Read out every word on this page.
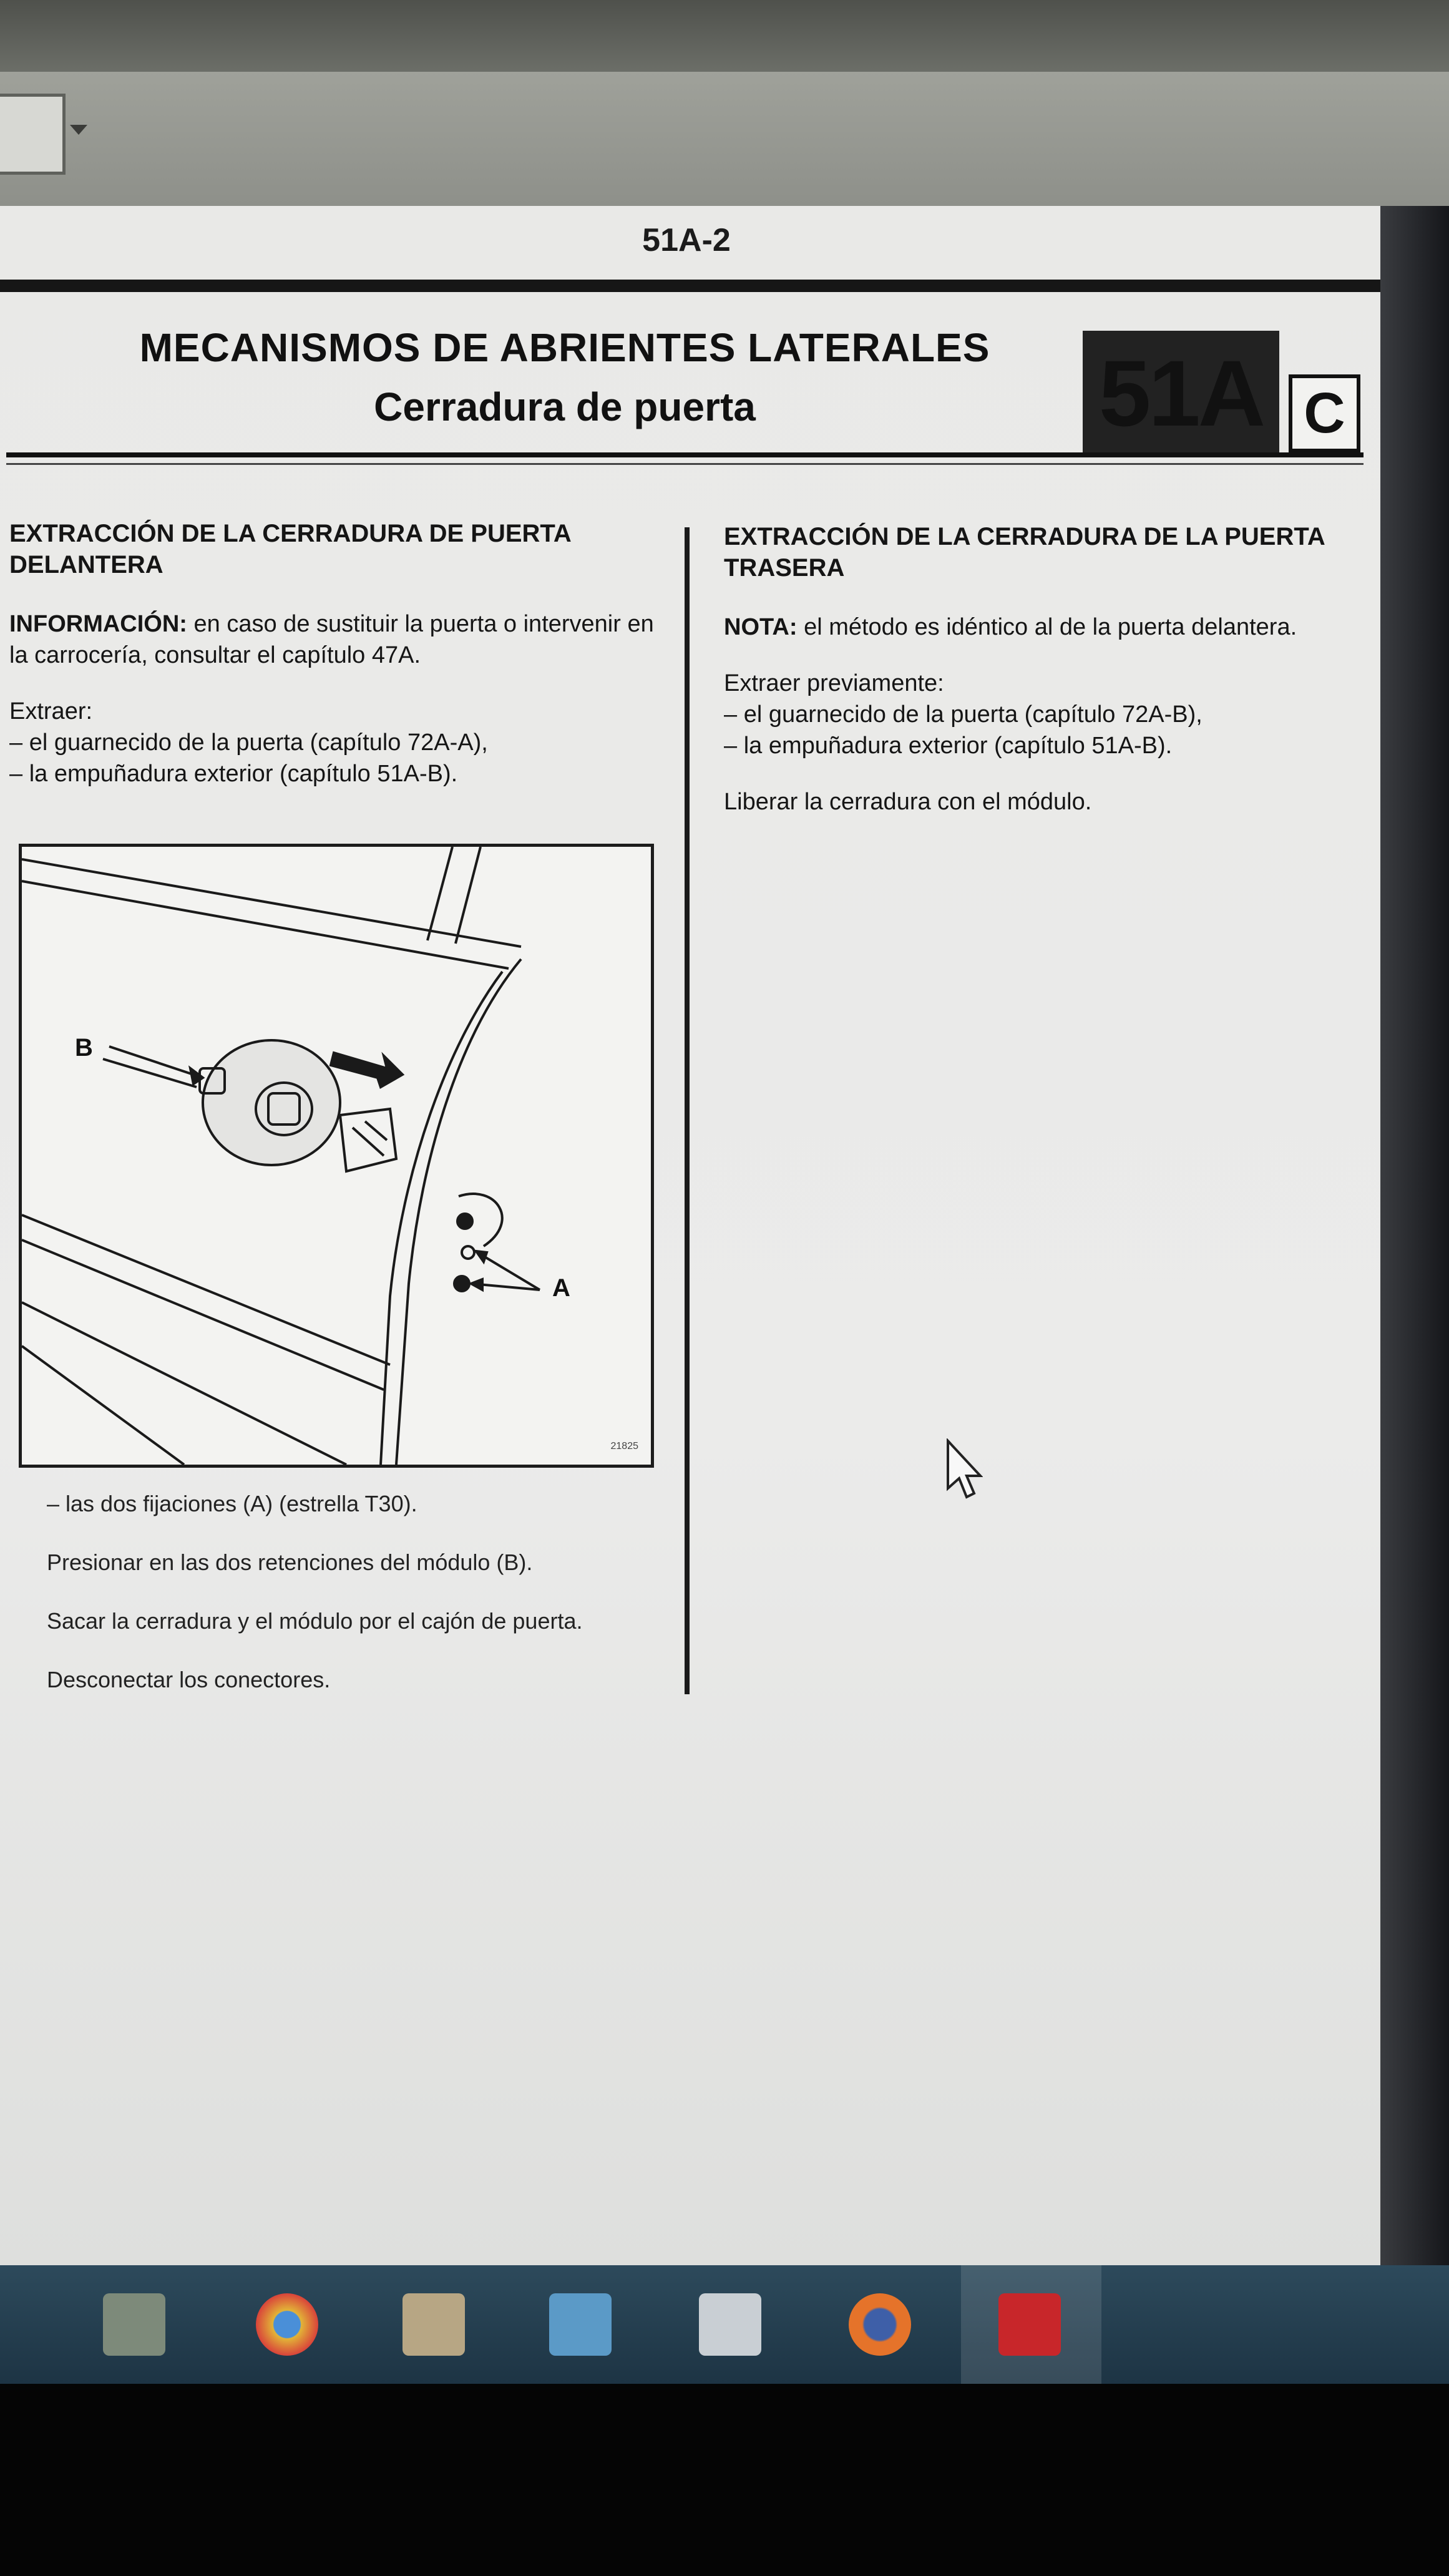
51A-2
MECANISMOS DE ABRIENTES LATERALES
Cerradura de puerta	51A C
EXTRACCIÓN DE LA CERRADURA DE PUERTA DELANTERA

INFORMACIÓN: en caso de sustituir la puerta o intervenir en la carrocería, consultar el capítulo 47A.

Extraer:
– el guarnecido de la puerta (capítulo 72A-A),
– la empuñadura exterior (capítulo 51A-B).

B
A
21825

– las dos fijaciones (A) (estrella T30).

Presionar en las dos retenciones del módulo (B).

Sacar la cerradura y el módulo por el cajón de puerta.

Desconectar los conectores.

EXTRACCIÓN DE LA CERRADURA DE LA PUERTA TRASERA

NOTA: el método es idéntico al de la puerta delantera.

Extraer previamente:
– el guarnecido de la puerta (capítulo 72A-B),
– la empuñadura exterior (capítulo 51A-B).

Liberar la cerradura con el módulo.
